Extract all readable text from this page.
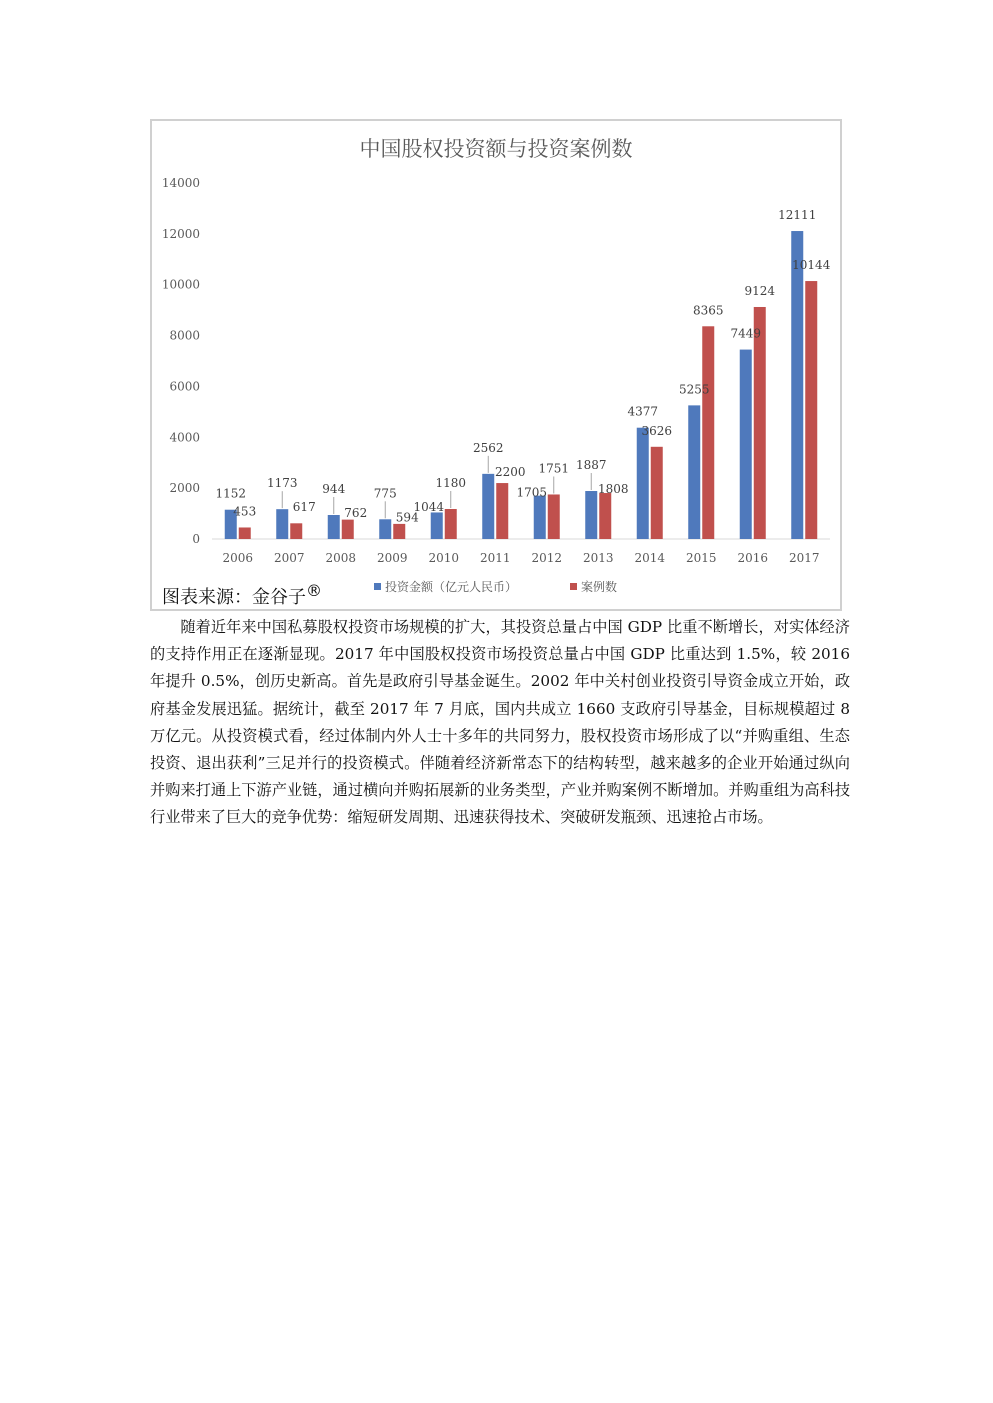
中国股权投资额与投资案例数
0
2000
4000
6000
8000
10000
12000
14000
1152
453
1173
617
944
762
775
594
1044
1180
2562
2200
1705
1751 1887
1808
4377
3626
5255
8365
7449
9124
12111
10144
2006 2007 2008 2009 2010 2011 2012 2013 2014 2015 2016 2017
投资金额（亿元人民币）	案例数
图表来源：金谷子®
随着近年来中国私募股权投资市场规模的扩大，其投资总量占中国 GDP 比重不断增长，对实体经济的支持作用正在逐渐显现。2017 年中国股权投资市场投资总量占中国 GDP 比重达到 1.5%，较 2016 年提升 0.5%，创历史新高。首先是政府引导基金诞生。2002 年中关村创业投资引导资金成立开始，政府基金发展迅猛。据统计，截至 2017 年 7 月底，国内共成立 1660 支政府引导基金，目标规模超过 8 万亿元。从投资模式看，经过体制内外人士十多年的共同努力，股权投资市场形成了以“并购重组、生态投资、退出获利”三足并行的投资模式。伴随着经济新常态下的结构转型，越来越多的企业开始通过纵向并购来打通上下游产业链，通过横向并购拓展新的业务类型，产业并购案例不断增加。并购重组为高科技行业带来了巨大的竞争优势：缩短研发周期、迅速获得技术、突破研发瓶颈、迅速抢占市场。
